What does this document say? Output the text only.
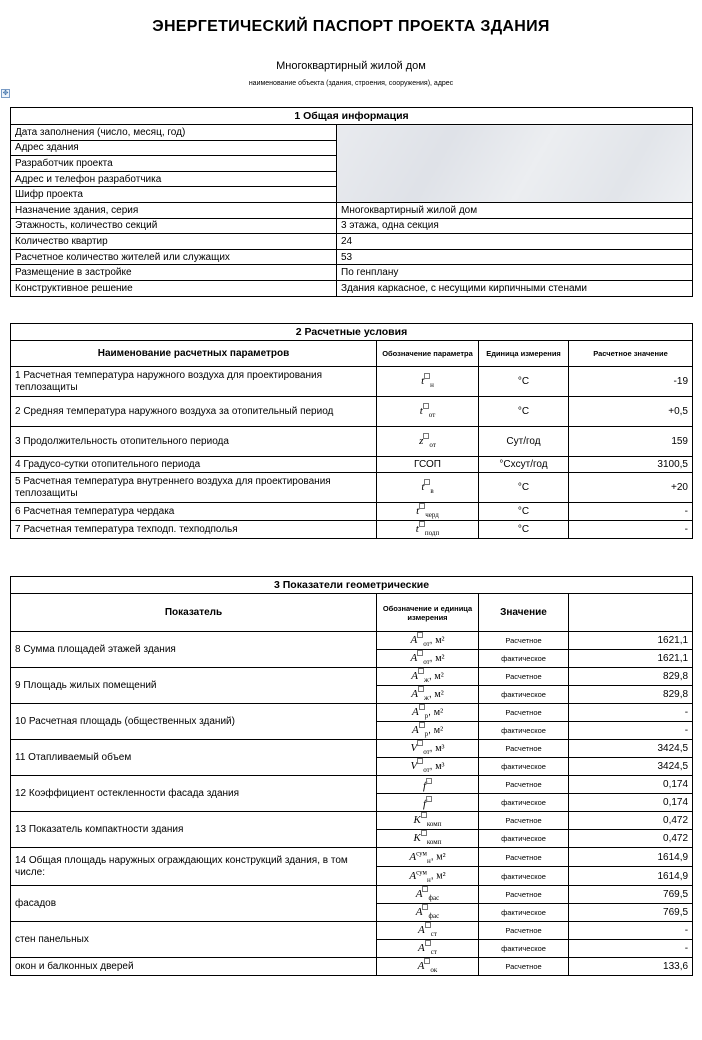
ЭНЕРГЕТИЧЕСКИЙ ПАСПОРТ ПРОЕКТА ЗДАНИЯ
Многоквартирный жилой дом
наименование объекта (здания, строения, сооружения), адрес
✥
1 Общая информация	
Дата заполнения (число, месяц, год)	

Адрес здания	
Разработчик проекта	
Адрес и телефон разработчика	
Шифр проекта	
Назначение здания, серия	Многоквартирный жилой дом
Этажность, количество секций	3 этажа, одна секция
Количество квартир	24
Расчетное количество жителей или служащих	53
Размещение в застройке	По генплану
Конструктивное решение	Здания каркасное, с несущими кирпичными стенами
2 Расчетные условия			
Наименование расчетных параметров	Обозначение параметра	Единица измерения	Расчетное значение
1 Расчетная температура наружного воздуха для проектирования теплозащиты	t $_н$	°С	-19
2 Средняя температура наружного воздуха за отопительный период	t $_{от}$	°С	+0,5
3 Продолжительность отопительного периода	z $_{от}$	Сут/год	159
4 Градусо-сутки отопительного периода	ГСОП	°Сxсут/год	3100,5
5 Расчетная температура внутреннего воздуха для проектирования теплозащиты	t $_в$	°С	+20
6 Расчетная температура чердака	t $_{черд}$	°С	-
7 Расчетная температура техподп. техподполья	t $_{подп}$	°С	-
3 Показатели геометрические			
Показатель	Обозначение и единица измерения	Значение	
8 Сумма площадей этажей здания	A $_{от}$, м²	Расчетное	1621,1
	A $_{от}$, м²	фактическое	1621,1
9 Площадь жилых помещений	A $_ж$, м²	Расчетное	829,8
	A $_ж$, м²	фактическое	829,8
10 Расчетная площадь (общественных зданий)	A $_р$, м²	Расчетное	-
	A $_р$, м²	фактическое	-
11 Отапливаемый объем	V $_{от}$, м³	Расчетное	3424,5
	V $_{от}$, м³	фактическое	3424,5
12 Коэффициент остекленности фасада здания	f	Расчетное	0,174
	f	фактическое	0,174
13 Показатель компактности здания	K $_{комп}$	Расчетное	0,472
	K $_{комп}$	фактическое	0,472
14 Общая площадь наружных ограждающих конструкций здания, в том числе:	$A^{сум}_н$, м²	Расчетное	1614,9
	$A^{сум}_н$, м²	фактическое	1614,9
фасадов	A $_{фас}$	Расчетное	769,5
	A $_{фас}$	фактическое	769,5
стен панельных	A $_{ст}$	Расчетное	-
	A $_{ст}$	фактическое	-
окон и балконных дверей	A $_{ок}$	Расчетное	133,6
